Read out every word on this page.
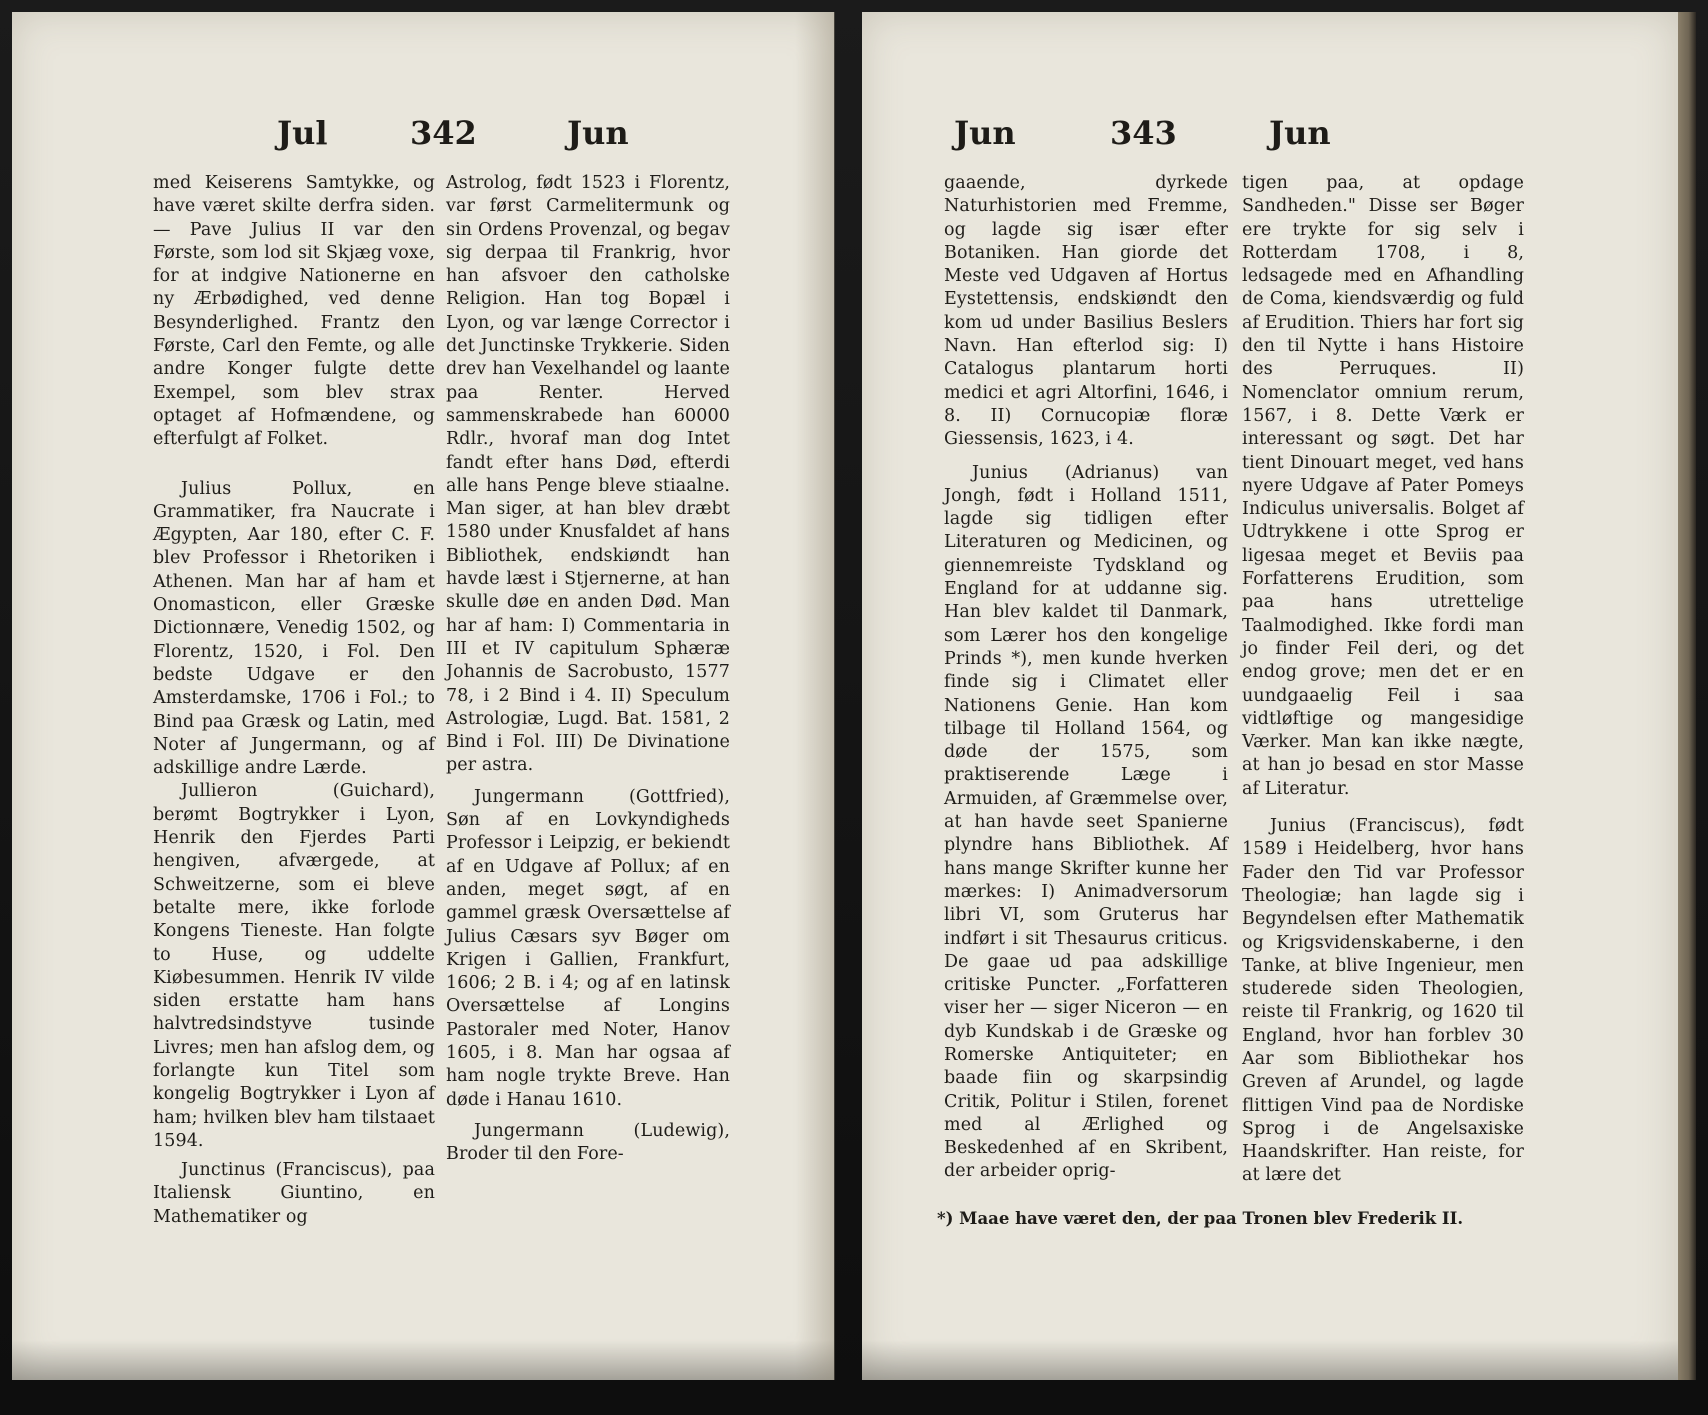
Jul	342	Jun

med Keiserens Samtykke, og have været skilte derfra siden. — Pave Julius II var den Første, som lod sit Skjæg voxe, for at indgive Nationerne en ny Ærbødighed, ved denne Besynderlighed. Frantz den Første, Carl den Femte, og alle andre Konger fulgte dette Exempel, som blev strax optaget af Hofmændene, og efterfulgt af Folket.

Julius Pollux, en Grammatiker, fra Naucrate i Ægypten, Aar 180, efter C. F. blev Professor i Rhetoriken i Athenen. Man har af ham et Onomasticon, eller Græske Dictionnære, Venedig 1502, og Florentz, 1520, i Fol. Den bedste Udgave er den Amsterdamske, 1706 i Fol.; to Bind paa Græsk og Latin, med Noter af Jungermann, og af adskillige andre Lærde.

Jullieron (Guichard), berømt Bogtrykker i Lyon, Henrik den Fjerdes Parti hengiven, afværgede, at Schweitzerne, som ei bleve betalte mere, ikke forlode Kongens Tieneste. Han folgte to Huse, og uddelte Kiøbesummen. Henrik IV vilde siden erstatte ham hans halvtredsindstyve tusinde Livres; men han afslog dem, og forlangte kun Titel som kongelig Bogtrykker i Lyon af ham; hvilken blev ham tilstaaet 1594.

Junctinus (Franciscus), paa Italiensk Giuntino, en Mathematiker og

Astrolog, født 1523 i Florentz, var først Carmelitermunk og sin Ordens Provenzal, og begav sig derpaa til Frankrig, hvor han afsvoer den catholske Religion. Han tog Bopæl i Lyon, og var længe Corrector i det Junctinske Trykkerie. Siden drev han Vexelhandel og laante paa Renter. Herved sammenskrabede han 60000 Rdlr., hvoraf man dog Intet fandt efter hans Død, efterdi alle hans Penge bleve stiaalne. Man siger, at han blev dræbt 1580 under Knusfaldet af hans Bibliothek, endskiøndt han havde læst i Stjernerne, at han skulle døe en anden Død. Man har af ham: I) Commentaria in III et IV capitulum Sphæræ Johannis de Sacrobusto, 1577 78, i 2 Bind i 4. II) Speculum Astrologiæ, Lugd. Bat. 1581, 2 Bind i Fol. III) De Divinatione per astra.

Jungermann (Gottfried), Søn af en Lovkyndigheds Professor i Leipzig, er bekiendt af en Udgave af Pollux; af en anden, meget søgt, af en gammel græsk Oversættelse af Julius Cæsars syv Bøger om Krigen i Gallien, Frankfurt, 1606; 2 B. i 4; og af en latinsk Oversættelse af Longins Pastoraler med Noter, Hanov 1605, i 8. Man har ogsaa af ham nogle trykte Breve. Han døde i Hanau 1610.

Jungermann (Ludewig), Broder til den Fore-

Jun	343	Jun

gaaende, dyrkede Naturhistorien med Fremme, og lagde sig især efter Botaniken. Han giorde det Meste ved Udgaven af Hortus Eystettensis, endskiøndt den kom ud under Basilius Beslers Navn. Han efterlod sig: I) Catalogus plantarum horti medici et agri Altorfini, 1646, i 8. II) Cornucopiæ floræ Giessensis, 1623, i 4.

Junius (Adrianus) van Jongh, født i Holland 1511, lagde sig tidligen efter Literaturen og Medicinen, og giennemreiste Tydskland og England for at uddanne sig. Han blev kaldet til Danmark, som Lærer hos den kongelige Prinds *), men kunde hverken finde sig i Climatet eller Nationens Genie. Han kom tilbage til Holland 1564, og døde der 1575, som praktiserende Læge i Armuiden, af Græmmelse over, at han havde seet Spanierne plyndre hans Bibliothek. Af hans mange Skrifter kunne her mærkes: I) Animadversorum libri VI, som Gruterus har indført i sit Thesaurus criticus. De gaae ud paa adskillige critiske Puncter. „Forfatteren viser her — siger Niceron — en dyb Kundskab i de Græske og Romerske Antiquiteter; en baade fiin og skarpsindig Critik, Politur i Stilen, forenet med al Ærlighed og Beskedenhed af en Skribent, der arbeider oprig-

tigen paa, at opdage Sandheden." Disse ser Bøger ere trykte for sig selv i Rotterdam 1708, i 8, ledsagede med en Afhandling de Coma, kiendsværdig og fuld af Erudition. Thiers har fort sig den til Nytte i hans Histoire des Perruques. II) Nomenclator omnium rerum, 1567, i 8. Dette Værk er interessant og søgt. Det har tient Dinouart meget, ved hans nyere Udgave af Pater Pomeys Indiculus universalis. Bolget af Udtrykkene i otte Sprog er ligesaa meget et Beviis paa Forfatterens Erudition, som paa hans utrettelige Taalmodighed. Ikke fordi man jo finder Feil deri, og det endog grove; men det er en uundgaaelig Feil i saa vidtløftige og mangesidige Værker. Man kan ikke nægte, at han jo besad en stor Masse af Literatur.

Junius (Franciscus), født 1589 i Heidelberg, hvor hans Fader den Tid var Professor Theologiæ; han lagde sig i Begyndelsen efter Mathematik og Krigsvidenskaberne, i den Tanke, at blive Ingenieur, men studerede siden Theologien, reiste til Frankrig, og 1620 til England, hvor han forblev 30 Aar som Bibliothekar hos Greven af Arundel, og lagde flittigen Vind paa de Nordiske Sprog i de Angelsaxiske Haandskrifter. Han reiste, for at lære det

*) Maae have været den, der paa Tronen blev Frederik II.
